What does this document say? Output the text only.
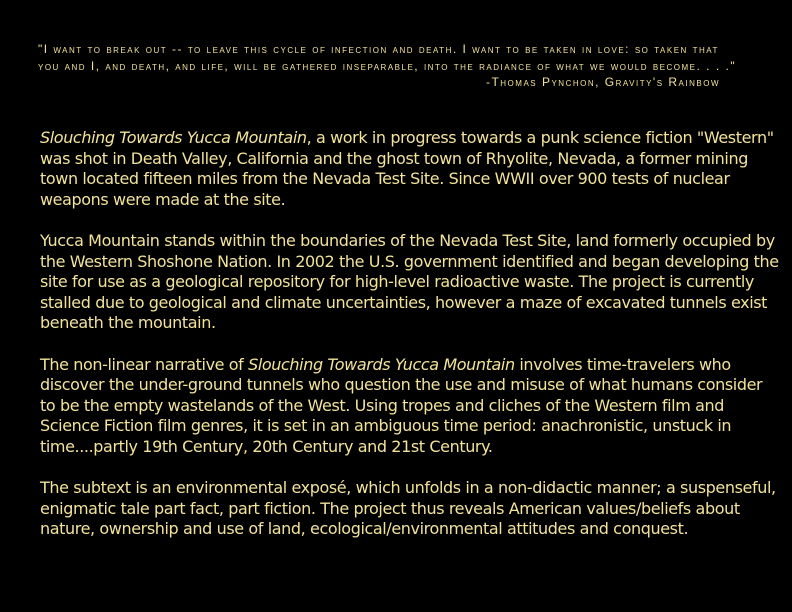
"I want to break out -- to leave this cycle of infection and death. I want to be taken in love: so taken that you and I, and death, and life, will be gathered inseparable, into the radiance of what we would become. . . ."

-Thomas Pynchon, Gravity's Rainbow

Slouching Towards Yucca Mountain, a work in progress towards a punk science fiction "Western" was shot in Death Valley, California and the ghost town of Rhyolite, Nevada, a former mining town located fifteen miles from the Nevada Test Site. Since WWII over 900 tests of nuclear weapons were made at the site.

Yucca Mountain stands within the boundaries of the Nevada Test Site, land formerly occupied by the Western Shoshone Nation. In 2002 the U.S. government identified and began developing the site for use as a geological repository for high-level radioactive waste. The project is currently stalled due to geological and climate uncertainties, however a maze of excavated tunnels exist beneath the mountain.

The non-linear narrative of Slouching Towards Yucca Mountain involves time-travelers who discover the under-ground tunnels who question the use and misuse of what humans consider to be the empty wastelands of the West. Using tropes and cliches of the Western film and Science Fiction film genres, it is set in an ambiguous time period: anachronistic, unstuck in time....partly 19th Century, 20th Century and 21st Century.

The subtext is an environmental exposé, which unfolds in a non-didactic manner; a suspenseful, enigmatic tale part fact, part fiction. The project thus reveals American values/beliefs about nature, ownership and use of land, ecological/environmental attitudes and conquest.
